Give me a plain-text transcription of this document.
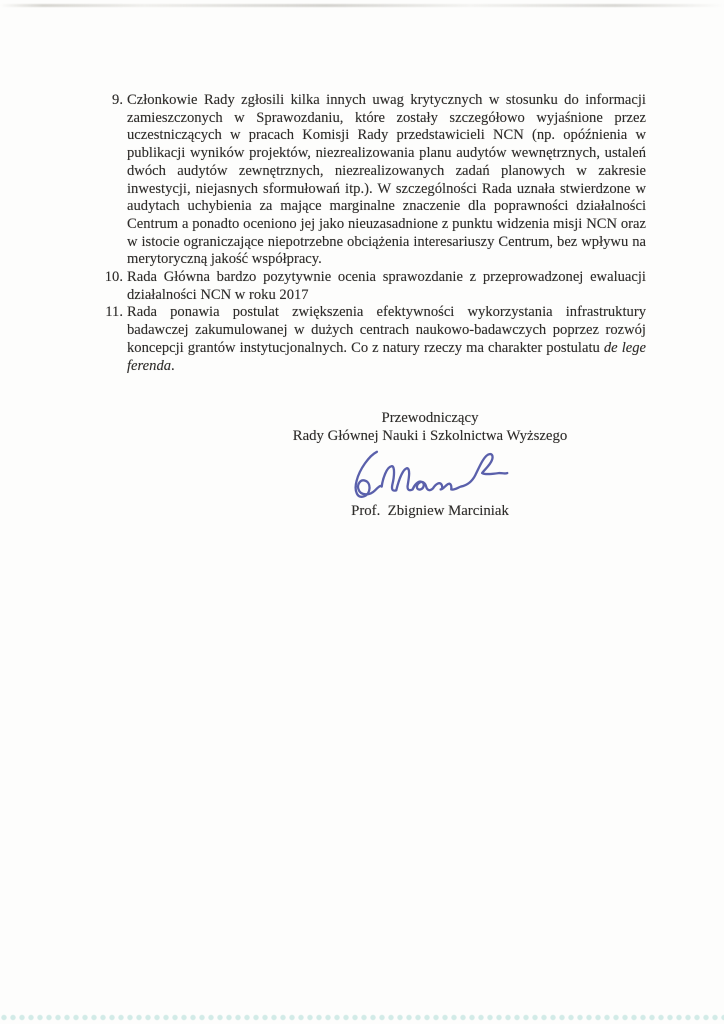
9. Członkowie Rady zgłosili kilka innych uwag krytycznych w stosunku do informacji zamieszczonych w Sprawozdaniu, które zostały szczegółowo wyjaśnione przez uczestniczących w pracach Komisji Rady przedstawicieli NCN (np. opóźnienia w publikacji wyników projektów, niezrealizowania planu audytów wewnętrznych, ustaleń dwóch audytów zewnętrznych, niezrealizowanych zadań planowych w zakresie inwestycji, niejasnych sformułowań itp.). W szczególności Rada uznała stwierdzone w audytach uchybienia za mające marginalne znaczenie dla poprawności działalności Centrum a ponadto oceniono jej jako nieuzasadnione z punktu widzenia misji NCN oraz w istocie ograniczające niepotrzebne obciążenia interesariuszy Centrum, bez wpływu na merytoryczną jakość współpracy.
10. Rada Główna bardzo pozytywnie ocenia sprawozdanie z przeprowadzonej ewaluacji działalności NCN w roku 2017
11. Rada ponawia postulat zwiększenia efektywności wykorzystania infrastruktury badawczej zakumulowanej w dużych centrach naukowo-badawczych poprzez rozwój koncepcji grantów instytucjonalnych. Co z natury rzeczy ma charakter postulatu de lege ferenda.
Przewodniczący
Rady Głównej Nauki i Szkolnictwa Wyższego
Prof.  Zbigniew Marciniak
